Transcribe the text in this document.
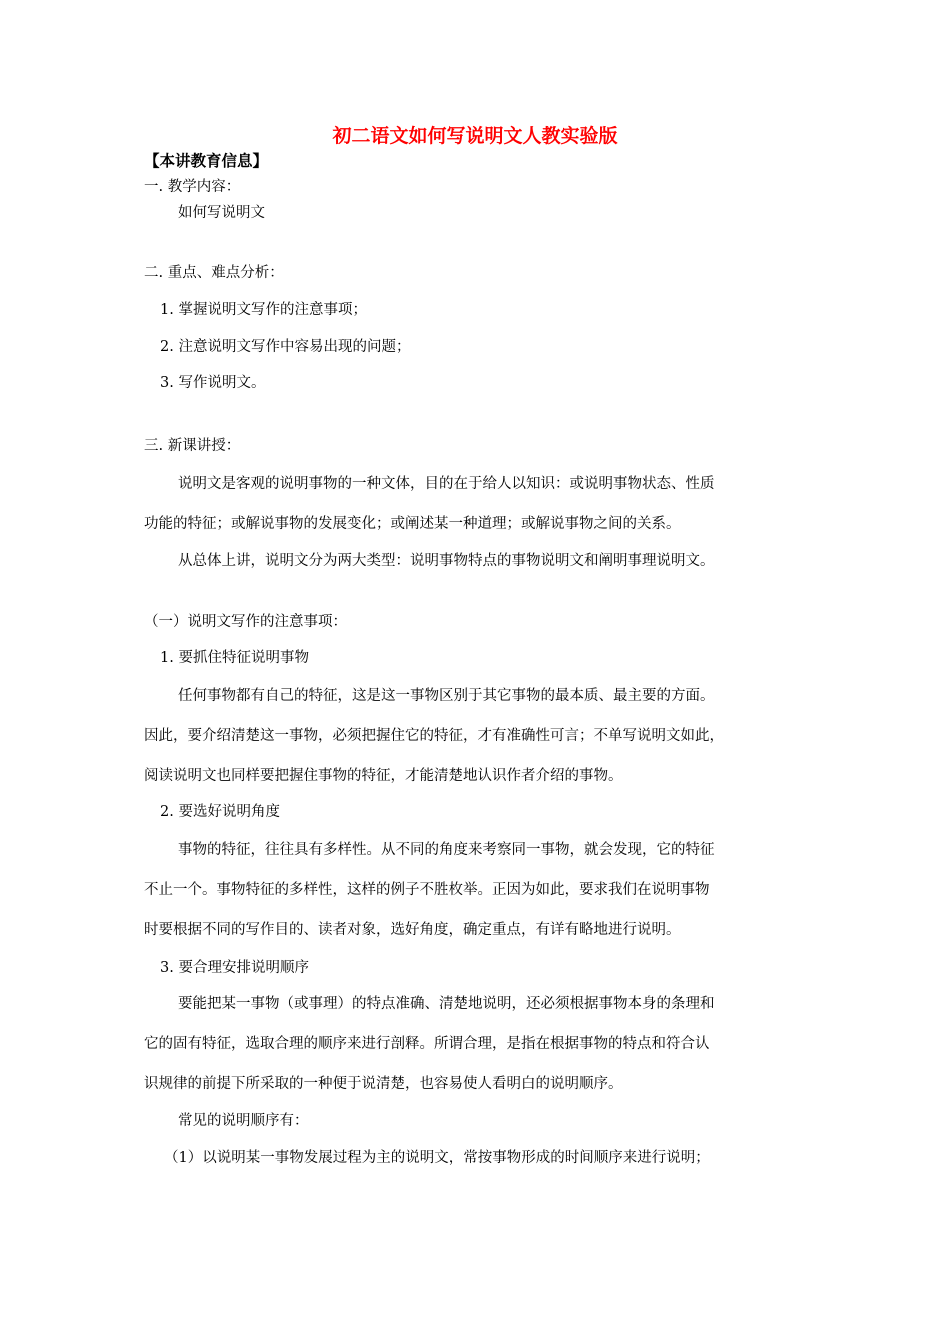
初二语文如何写说明文人教实验版
【本讲教育信息】
一. 教学内容：
如何写说明文
二. 重点、难点分析：
1. 掌握说明文写作的注意事项；
2. 注意说明文写作中容易出现的问题；
3. 写作说明文。
三. 新课讲授：
说明文是客观的说明事物的一种文体，目的在于给人以知识：或说明事物状态、性质
功能的特征；或解说事物的发展变化；或阐述某一种道理；或解说事物之间的关系。
从总体上讲，说明文分为两大类型：说明事物特点的事物说明文和阐明事理说明文。
（一）说明文写作的注意事项：
1. 要抓住特征说明事物
任何事物都有自己的特征，这是这一事物区别于其它事物的最本质、最主要的方面。
因此，要介绍清楚这一事物，必须把握住它的特征，才有准确性可言；不单写说明文如此，
阅读说明文也同样要把握住事物的特征，才能清楚地认识作者介绍的事物。
2. 要选好说明角度
事物的特征，往往具有多样性。从不同的角度来考察同一事物，就会发现，它的特征
不止一个。事物特征的多样性，这样的例子不胜枚举。正因为如此，要求我们在说明事物
时要根据不同的写作目的、读者对象，选好角度，确定重点，有详有略地进行说明。
3. 要合理安排说明顺序
要能把某一事物（或事理）的特点准确、清楚地说明，还必须根据事物本身的条理和
它的固有特征，选取合理的顺序来进行剖释。所谓合理，是指在根据事物的特点和符合认
识规律的前提下所采取的一种便于说清楚，也容易使人看明白的说明顺序。
常见的说明顺序有：
（1）以说明某一事物发展过程为主的说明文，常按事物形成的时间顺序来进行说明；
